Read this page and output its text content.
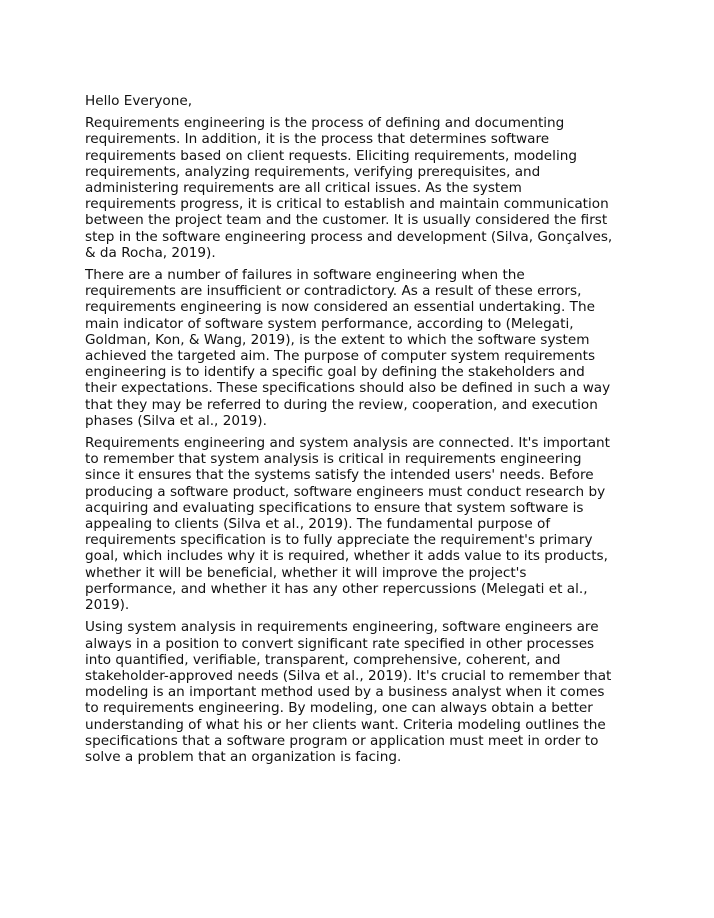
Hello Everyone,

Requirements engineering is the process of defining and documenting
requirements. In addition, it is the process that determines software
requirements based on client requests. Eliciting requirements, modeling
requirements, analyzing requirements, verifying prerequisites, and
administering requirements are all critical issues. As the system
requirements progress, it is critical to establish and maintain communication
between the project team and the customer. It is usually considered the first
step in the software engineering process and development (Silva, Gonçalves,
& da Rocha, 2019).

There are a number of failures in software engineering when the
requirements are insufficient or contradictory. As a result of these errors,
requirements engineering is now considered an essential undertaking. The
main indicator of software system performance, according to (Melegati,
Goldman, Kon, & Wang, 2019), is the extent to which the software system
achieved the targeted aim. The purpose of computer system requirements
engineering is to identify a specific goal by defining the stakeholders and
their expectations. These specifications should also be defined in such a way
that they may be referred to during the review, cooperation, and execution
phases (Silva et al., 2019).

Requirements engineering and system analysis are connected. It's important
to remember that system analysis is critical in requirements engineering
since it ensures that the systems satisfy the intended users' needs. Before
producing a software product, software engineers must conduct research by
acquiring and evaluating specifications to ensure that system software is
appealing to clients (Silva et al., 2019). The fundamental purpose of
requirements specification is to fully appreciate the requirement's primary
goal, which includes why it is required, whether it adds value to its products,
whether it will be beneficial, whether it will improve the project's
performance, and whether it has any other repercussions (Melegati et al.,
2019).

Using system analysis in requirements engineering, software engineers are
always in a position to convert significant rate specified in other processes
into quantified, verifiable, transparent, comprehensive, coherent, and
stakeholder-approved needs (Silva et al., 2019). It's crucial to remember that
modeling is an important method used by a business analyst when it comes
to requirements engineering. By modeling, one can always obtain a better
understanding of what his or her clients want. Criteria modeling outlines the
specifications that a software program or application must meet in order to
solve a problem that an organization is facing.
